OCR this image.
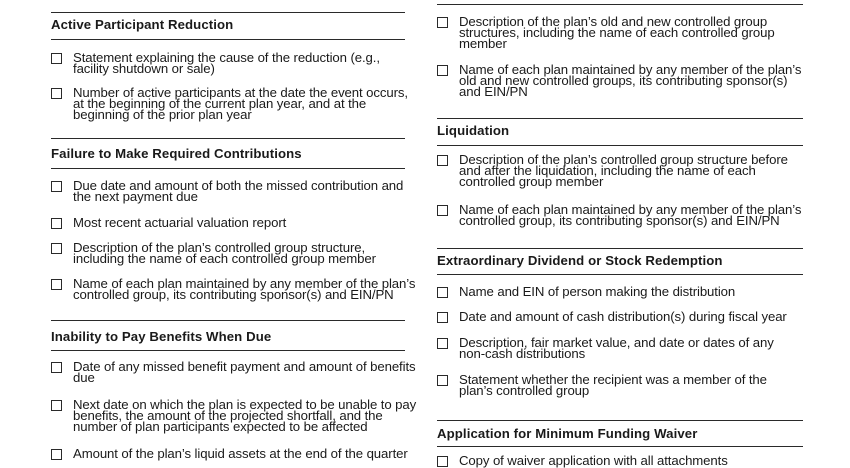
Active Participant Reduction
Statement explaining the cause of the reduction (e.g.,
facility shutdown or sale)
Number of active participants at the date the event occurs,
at the beginning of the current plan year, and at the
beginning of the prior plan year
Failure to Make Required Contributions
Due date and amount of both the missed contribution and
the next payment due
Most recent actuarial valuation report
Description of the plan’s controlled group structure,
including the name of each controlled group member
Name of each plan maintained by any member of the plan’s
controlled group, its contributing sponsor(s) and EIN/PN
Inability to Pay Benefits When Due
Date of any missed benefit payment and amount of benefits
due
Next date on which the plan is expected to be unable to pay
benefits, the amount of the projected shortfall, and the
number of plan participants expected to be affected
Amount of the plan’s liquid assets at the end of the quarter
Description of the plan’s old and new controlled group
structures, including the name of each controlled group
member
Name of each plan maintained by any member of the plan’s
old and new controlled groups, its contributing sponsor(s)
and EIN/PN
Liquidation
Description of the plan’s controlled group structure before
and after the liquidation, including the name of each
controlled group member
Name of each plan maintained by any member of the plan’s
controlled group, its contributing sponsor(s) and EIN/PN
Extraordinary Dividend or Stock Redemption
Name and EIN of person making the distribution
Date and amount of cash distribution(s) during fiscal year
Description, fair market value, and date or dates of any
non-cash distributions
Statement whether the recipient was a member of the
plan’s controlled group
Application for Minimum Funding Waiver
Copy of waiver application with all attachments
